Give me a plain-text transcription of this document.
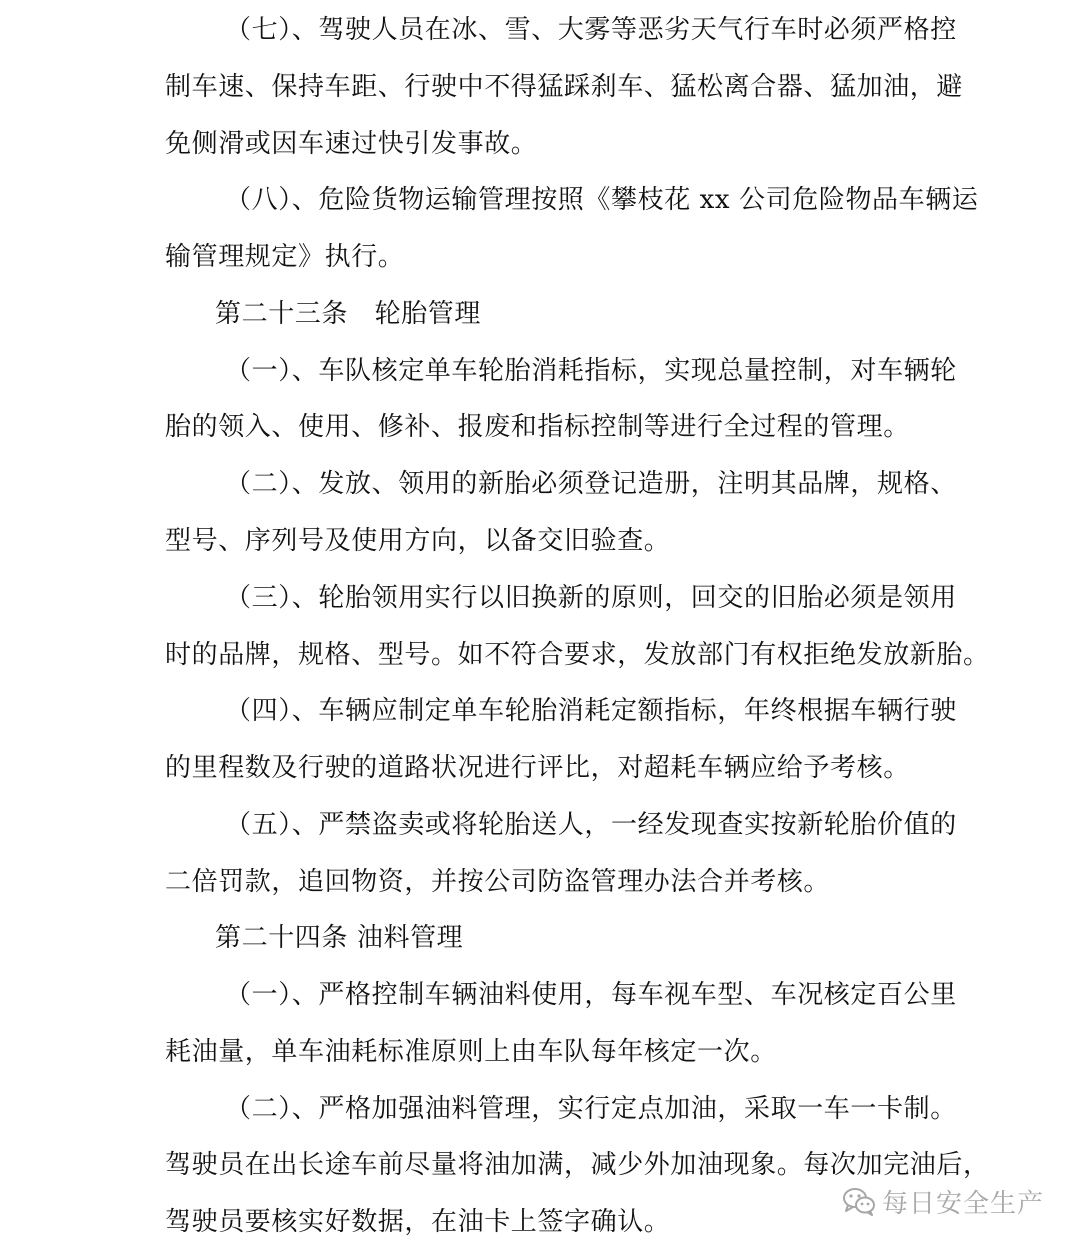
（七）、驾驶人员在冰、雪、大雾等恶劣天气行车时必须严格控
制车速、保持车距、行驶中不得猛踩刹车、猛松离合器、猛加油，避
免侧滑或因车速过快引发事故。
（八）、危险货物运输管理按照《攀枝花 xx 公司危险物品车辆运
输管理规定》执行。
第二十三条　轮胎管理
（一）、车队核定单车轮胎消耗指标，实现总量控制，对车辆轮
胎的领入、使用、修补、报废和指标控制等进行全过程的管理。
（二）、发放、领用的新胎必须登记造册，注明其品牌，规格、
型号、序列号及使用方向，以备交旧验查。
（三）、轮胎领用实行以旧换新的原则，回交的旧胎必须是领用
时的品牌，规格、型号。如不符合要求，发放部门有权拒绝发放新胎。
（四）、车辆应制定单车轮胎消耗定额指标，年终根据车辆行驶
的里程数及行驶的道路状况进行评比，对超耗车辆应给予考核。
（五）、严禁盗卖或将轮胎送人，一经发现查实按新轮胎价值的
二倍罚款，追回物资，并按公司防盗管理办法合并考核。
第二十四条 油料管理
（一）、严格控制车辆油料使用，每车视车型、车况核定百公里
耗油量，单车油耗标准原则上由车队每年核定一次。
（二）、严格加强油料管理，实行定点加油，采取一车一卡制。
驾驶员在出长途车前尽量将油加满，减少外加油现象。每次加完油后，
驾驶员要核实好数据，在油卡上签字确认。
每日安全生产
